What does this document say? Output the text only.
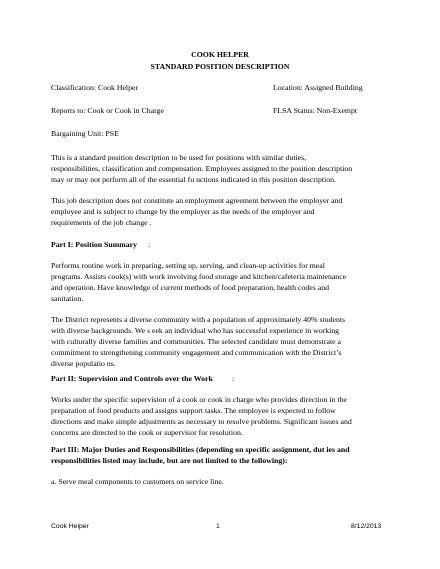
COOK HELPER
STANDARD POSITION DESCRIPTION
Classification: Cook Helper	Location: Assigned Building
Reports to: Cook or Cook in Charge	FLSA Status: Non-Exempt
Bargaining Unit: PSE
This is a standard position description to be used for positions with similar duties,
responsibilities, classification and compensation. Employees assigned to the position description
may or may not perform all of the essential fu nctions indicated in this position description.
This job description does not constitute an employment agreement between the employer and
employee and is subject to change by the employer as the needs of the employer and
requirements of the job change .
Part I: Position Summary :
Performs routine work in preparing, setting up, serving, and clean-up activities for meal
programs. Assists cook(s) with work involving food storage and kitchen/cafeteria maintenance
and operation. Have knowledge of current methods of food preparation, health codes and
sanitation.
The District represents a diverse community with a population of approximately 40% students
with diverse backgrounds. We s eek an individual who has successful experience in working
with culturally diverse families and communities. The selected candidate must demonstrate a
commitment to strengthening community engagement and communication with the District’s
diverse populatio ns.
Part II: Supervision and Controls over the Work :
Works under the specific supervision of a cook or cook in charge who provides direction in the
preparation of food products and assigns support tasks. The employee is expected to follow
directions and make simple adjustments as necessary to resolve problems. Significant issues and
concerns are directed to the cook or supervisor for resolution.
Part III: Major Duties and Responsibilities (depending on specific assignment, dut ies and
responsibilities listed may include, but are not limited to the following):
a. Serve meal components to customers on service line.
Cook Helper	1	8/12/2013
